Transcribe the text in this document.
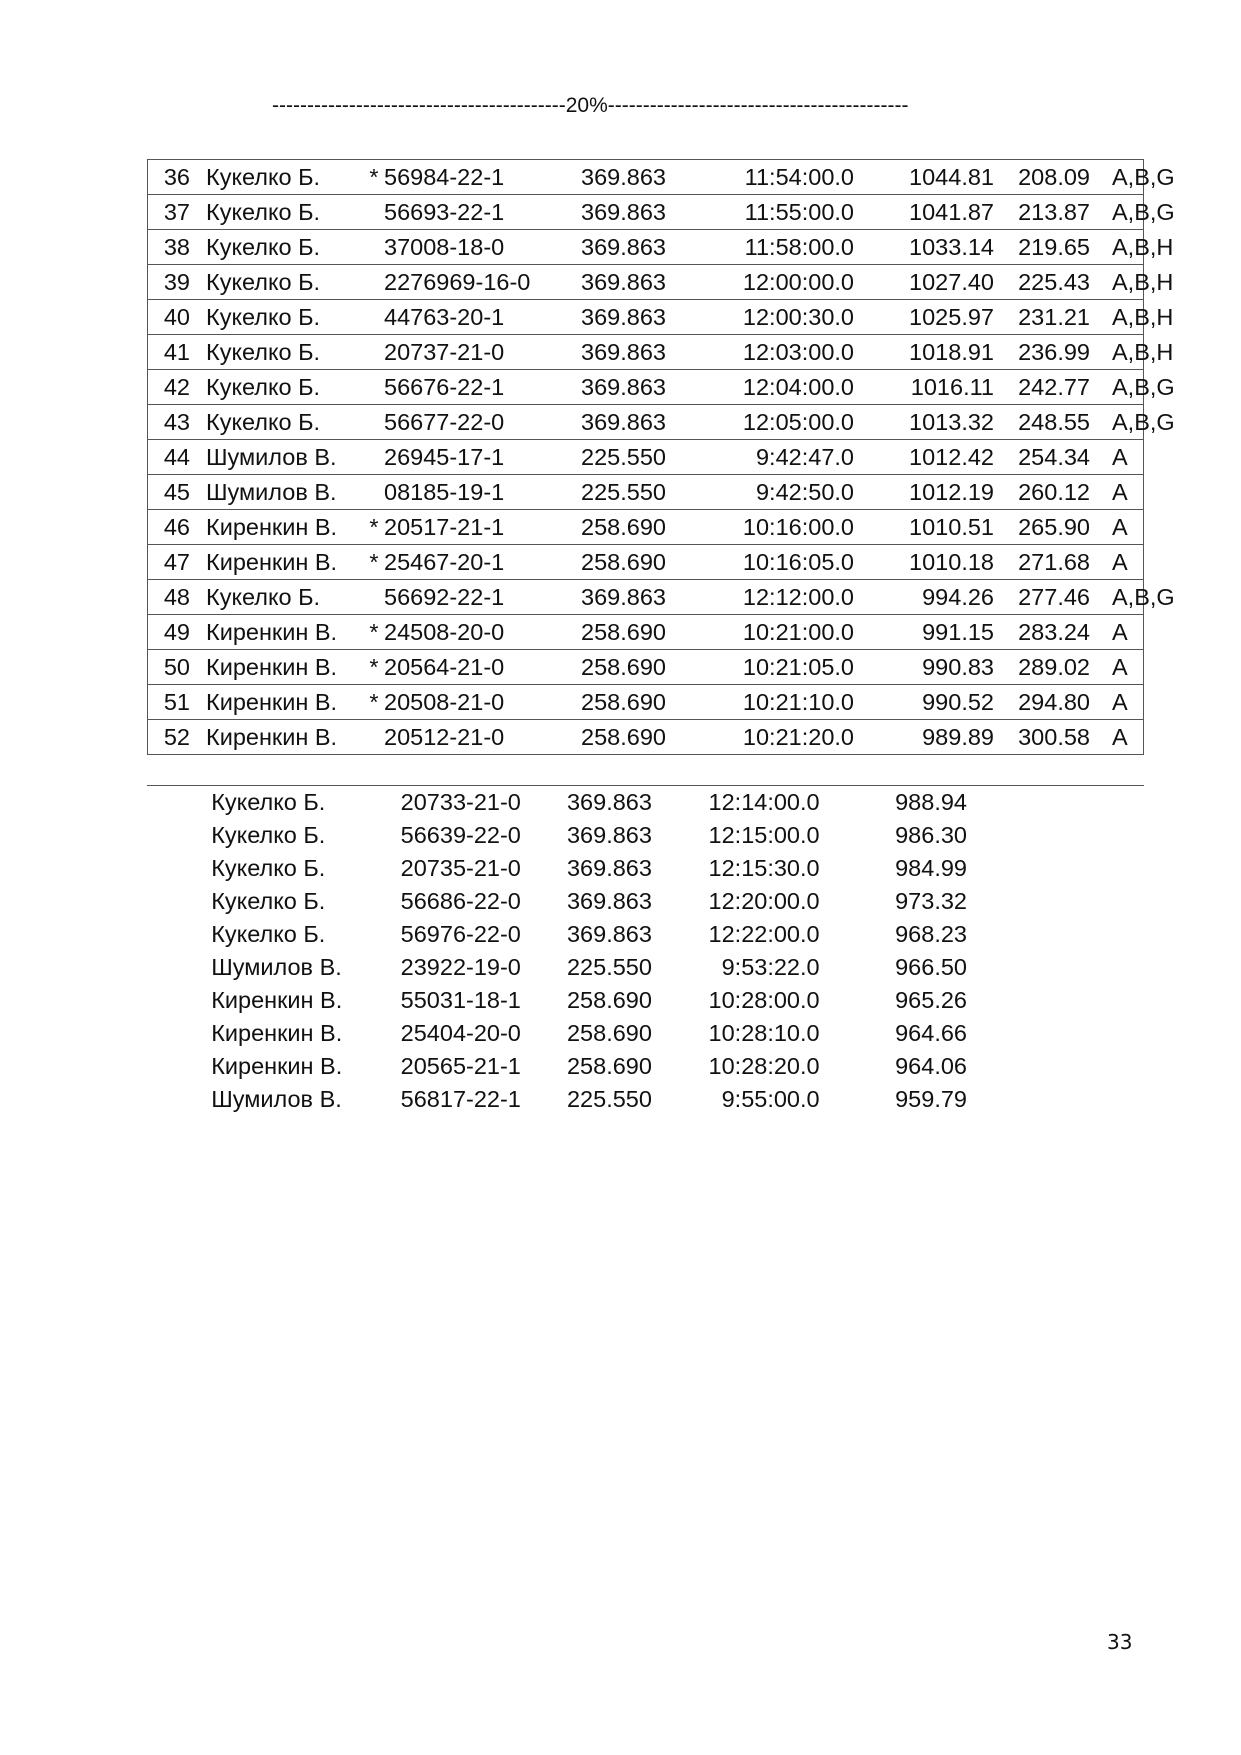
------------------------------------------20%-------------------------------------------
36	Кукелко Б.	*	56984-22-1	369.863	11:54:00.0	1044.81	208.09	A,B,G
37	Кукелко Б.		56693-22-1	369.863	11:55:00.0	1041.87	213.87	A,B,G
38	Кукелко Б.		37008-18-0	369.863	11:58:00.0	1033.14	219.65	A,B,H
39	Кукелко Б.		2276969-16-0	369.863	12:00:00.0	1027.40	225.43	A,B,H
40	Кукелко Б.		44763-20-1	369.863	12:00:30.0	1025.97	231.21	A,B,H
41	Кукелко Б.		20737-21-0	369.863	12:03:00.0	1018.91	236.99	A,B,H
42	Кукелко Б.		56676-22-1	369.863	12:04:00.0	1016.11	242.77	A,B,G
43	Кукелко Б.		56677-22-0	369.863	12:05:00.0	1013.32	248.55	A,B,G
44	Шумилов В.		26945-17-1	225.550	9:42:47.0	1012.42	254.34	A
45	Шумилов В.		08185-19-1	225.550	9:42:50.0	1012.19	260.12	A
46	Киренкин В.	*	20517-21-1	258.690	10:16:00.0	1010.51	265.90	A
47	Киренкин В.	*	25467-20-1	258.690	10:16:05.0	1010.18	271.68	A
48	Кукелко Б.		56692-22-1	369.863	12:12:00.0	994.26	277.46	A,B,G
49	Киренкин В.	*	24508-20-0	258.690	10:21:00.0	991.15	283.24	A
50	Киренкин В.	*	20564-21-0	258.690	10:21:05.0	990.83	289.02	A
51	Киренкин В.	*	20508-21-0	258.690	10:21:10.0	990.52	294.80	A
52	Киренкин В.		20512-21-0	258.690	10:21:20.0	989.89	300.58	A
	Кукелко Б.	20733-21-0	369.863	12:14:00.0	988.94
	Кукелко Б.	56639-22-0	369.863	12:15:00.0	986.30
	Кукелко Б.	20735-21-0	369.863	12:15:30.0	984.99
	Кукелко Б.	56686-22-0	369.863	12:20:00.0	973.32
	Кукелко Б.	56976-22-0	369.863	12:22:00.0	968.23
	Шумилов В.	23922-19-0	225.550	9:53:22.0	966.50
	Киренкин В.	55031-18-1	258.690	10:28:00.0	965.26
	Киренкин В.	25404-20-0	258.690	10:28:10.0	964.66
	Киренкин В.	20565-21-1	258.690	10:28:20.0	964.06
	Шумилов В.	56817-22-1	225.550	9:55:00.0	959.79
33
